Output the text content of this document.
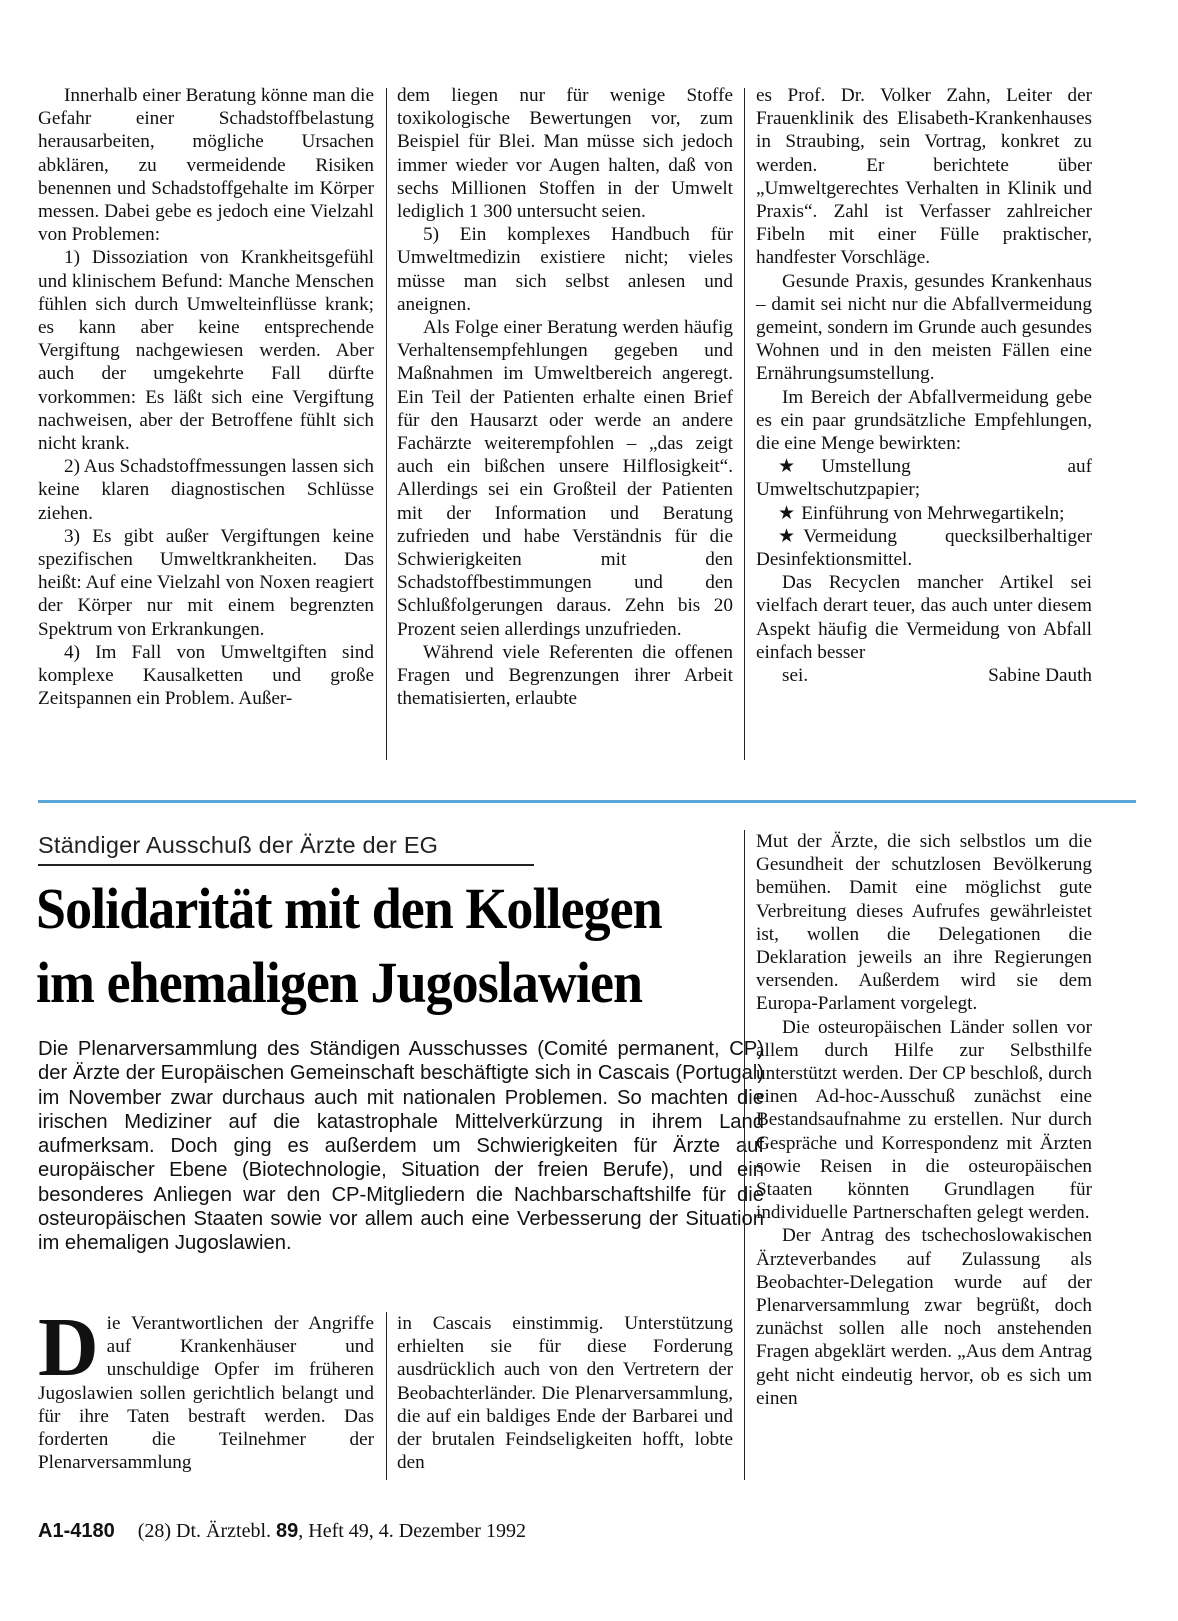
Innerhalb einer Beratung könne man die Gefahr einer Schadstoffbelastung herausarbeiten, mögliche Ursachen abklären, zu vermeidende Risiken benennen und Schadstoffgehalte im Körper messen. Dabei gebe es jedoch eine Vielzahl von Problemen:

1) Dissoziation von Krankheitsgefühl und klinischem Befund: Manche Menschen fühlen sich durch Umwelteinflüsse krank; es kann aber keine entsprechende Vergiftung nachgewiesen werden. Aber auch der umgekehrte Fall dürfte vorkommen: Es läßt sich eine Vergiftung nachweisen, aber der Betroffene fühlt sich nicht krank.

2) Aus Schadstoffmessungen lassen sich keine klaren diagnostischen Schlüsse ziehen.

3) Es gibt außer Vergiftungen keine spezifischen Umweltkrankheiten. Das heißt: Auf eine Vielzahl von Noxen reagiert der Körper nur mit einem begrenzten Spektrum von Erkrankungen.

4) Im Fall von Umweltgiften sind komplexe Kausalketten und große Zeitspannen ein Problem. Außer-

dem liegen nur für wenige Stoffe toxikologische Bewertungen vor, zum Beispiel für Blei. Man müsse sich jedoch immer wieder vor Augen halten, daß von sechs Millionen Stoffen in der Umwelt lediglich 1 300 untersucht seien.

5) Ein komplexes Handbuch für Umweltmedizin existiere nicht; vieles müsse man sich selbst anlesen und aneignen.

Als Folge einer Beratung werden häufig Verhaltensempfehlungen gegeben und Maßnahmen im Umweltbereich angeregt. Ein Teil der Patienten erhalte einen Brief für den Hausarzt oder werde an andere Fachärzte weiterempfohlen – „das zeigt auch ein bißchen unsere Hilflosigkeit“. Allerdings sei ein Großteil der Patienten mit der Information und Beratung zufrieden und habe Verständnis für die Schwierigkeiten mit den Schadstoffbestimmungen und den Schlußfolgerungen daraus. Zehn bis 20 Prozent seien allerdings unzufrieden.

Während viele Referenten die offenen Fragen und Begrenzungen ihrer Arbeit thematisierten, erlaubte

es Prof. Dr. Volker Zahn, Leiter der Frauenklinik des Elisabeth-Krankenhauses in Straubing, sein Vortrag, konkret zu werden. Er berichtete über „Umweltgerechtes Verhalten in Klinik und Praxis“. Zahl ist Verfasser zahlreicher Fibeln mit einer Fülle praktischer, handfester Vorschläge.

Gesunde Praxis, gesundes Krankenhaus – damit sei nicht nur die Abfallvermeidung gemeint, sondern im Grunde auch gesundes Wohnen und in den meisten Fällen eine Ernährungsumstellung.

Im Bereich der Abfallvermeidung gebe es ein paar grundsätzliche Empfehlungen, die eine Menge bewirkten:

★ Umstellung auf Umweltschutzpapier;

★ Einführung von Mehrwegartikeln;

★ Vermeidung quecksilberhaltiger Desinfektionsmittel.

Das Recyclen mancher Artikel sei vielfach derart teuer, das auch unter diesem Aspekt häufig die Vermeidung von Abfall einfach besser

sei.	Sabine Dauth

Ständiger Ausschuß der Ärzte der EG
Solidarität mit den Kollegen
im ehemaligen Jugoslawien
Die Plenarversammlung des Ständigen Ausschusses (Comité permanent, CP) der Ärzte der Europäischen Gemeinschaft beschäftigte sich in Cascais (Portugal) im November zwar durchaus auch mit nationalen Problemen. So machten die irischen Mediziner auf die katastrophale Mittelverkürzung in ihrem Land aufmerksam. Doch ging es außerdem um Schwierigkeiten für Ärzte auf europäischer Ebene (Biotechnologie, Situation der freien Berufe), und ein besonderes Anliegen war den CP-Mitgliedern die Nachbarschaftshilfe für die osteuropäischen Staaten sowie vor allem auch eine Verbesserung der Situation im ehemaligen Jugoslawien.

Die Verantwortlichen der Angriffe auf Krankenhäuser und unschuldige Opfer im früheren Jugoslawien sollen gerichtlich belangt und für ihre Taten bestraft werden. Das forderten die Teilnehmer der Plenarversammlung

in Cascais einstimmig. Unterstützung erhielten sie für diese Forderung ausdrücklich auch von den Vertretern der Beobachterländer. Die Plenarversammlung, die auf ein baldiges Ende der Barbarei und der brutalen Feindseligkeiten hofft, lobte den

Mut der Ärzte, die sich selbstlos um die Gesundheit der schutzlosen Bevölkerung bemühen. Damit eine möglichst gute Verbreitung dieses Aufrufes gewährleistet ist, wollen die Delegationen die Deklaration jeweils an ihre Regierungen versenden. Außerdem wird sie dem Europa-Parlament vorgelegt.

Die osteuropäischen Länder sollen vor allem durch Hilfe zur Selbsthilfe unterstützt werden. Der CP beschloß, durch einen Ad-hoc-Ausschuß zunächst eine Bestandsaufnahme zu erstellen. Nur durch Gespräche und Korrespondenz mit Ärzten sowie Reisen in die osteuropäischen Staaten könnten Grundlagen für individuelle Partnerschaften gelegt werden.

Der Antrag des tschechoslowakischen Ärzteverbandes auf Zulassung als Beobachter-Delegation wurde auf der Plenarversammlung zwar begrüßt, doch zunächst sollen alle noch anstehenden Fragen abgeklärt werden. „Aus dem Antrag geht nicht eindeutig hervor, ob es sich um einen

A1-4180 (28) Dt. Ärztebl. 89, Heft 49, 4. Dezember 1992
